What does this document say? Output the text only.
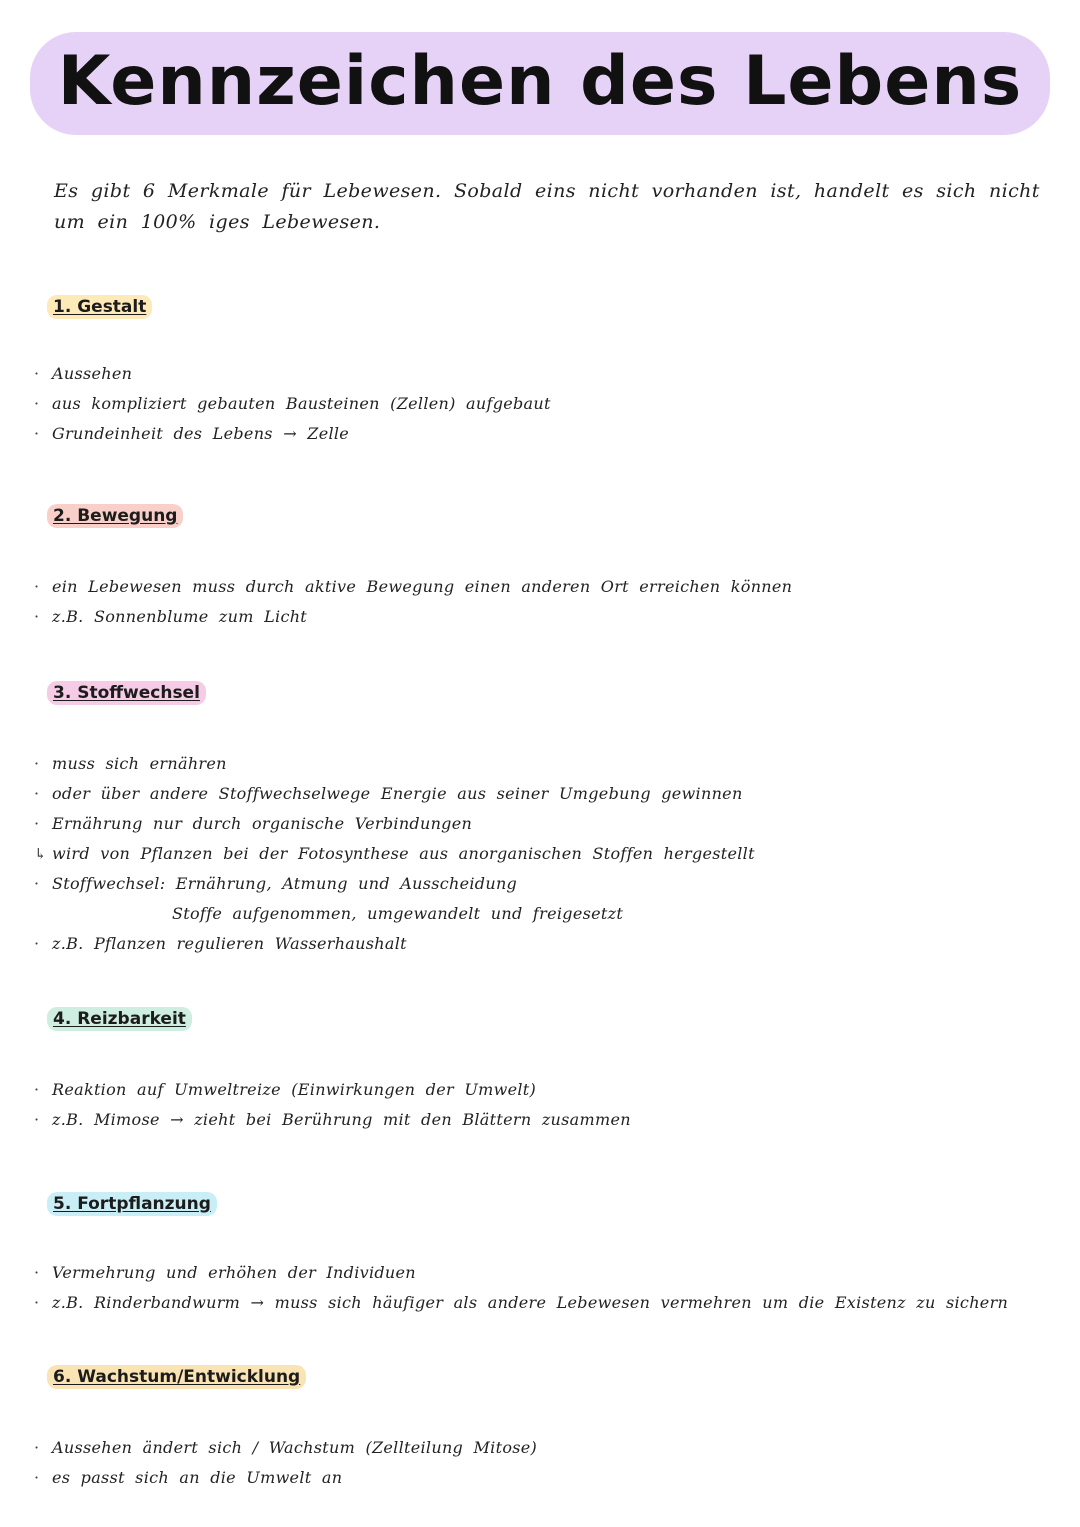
Kennzeichen des Lebens
Es gibt 6 Merkmale für Lebewesen. Sobald eins nicht vorhanden ist, handelt es sich nicht um ein 100% iges Lebewesen.
1. Gestalt
·
Aussehen
·
aus kompliziert gebauten Bausteinen (Zellen) aufgebaut
·
Grundeinheit des Lebens → Zelle
2. Bewegung
·
ein Lebewesen muss durch aktive Bewegung einen anderen Ort erreichen können
·
z.B. Sonnenblume zum Licht
3. Stoffwechsel
·
muss sich ernähren
·
oder über andere Stoffwechselwege Energie aus seiner Umgebung gewinnen
·
Ernährung nur durch organische Verbindungen
↳
wird von Pflanzen bei der Fotosynthese aus anorganischen Stoffen hergestellt
·
Stoffwechsel: Ernährung, Atmung und Ausscheidung
Stoffe aufgenommen, umgewandelt und freigesetzt
·
z.B. Pflanzen regulieren Wasserhaushalt
4. Reizbarkeit
·
Reaktion auf Umweltreize (Einwirkungen der Umwelt)
·
z.B. Mimose → zieht bei Berührung mit den Blättern zusammen
5. Fortpflanzung
·
Vermehrung und erhöhen der Individuen
·
z.B. Rinderbandwurm → muss sich häufiger als andere Lebewesen vermehren um die Existenz zu sichern
6. Wachstum/Entwicklung
·
Aussehen ändert sich / Wachstum (Zellteilung Mitose)
·
es passt sich an die Umwelt an
